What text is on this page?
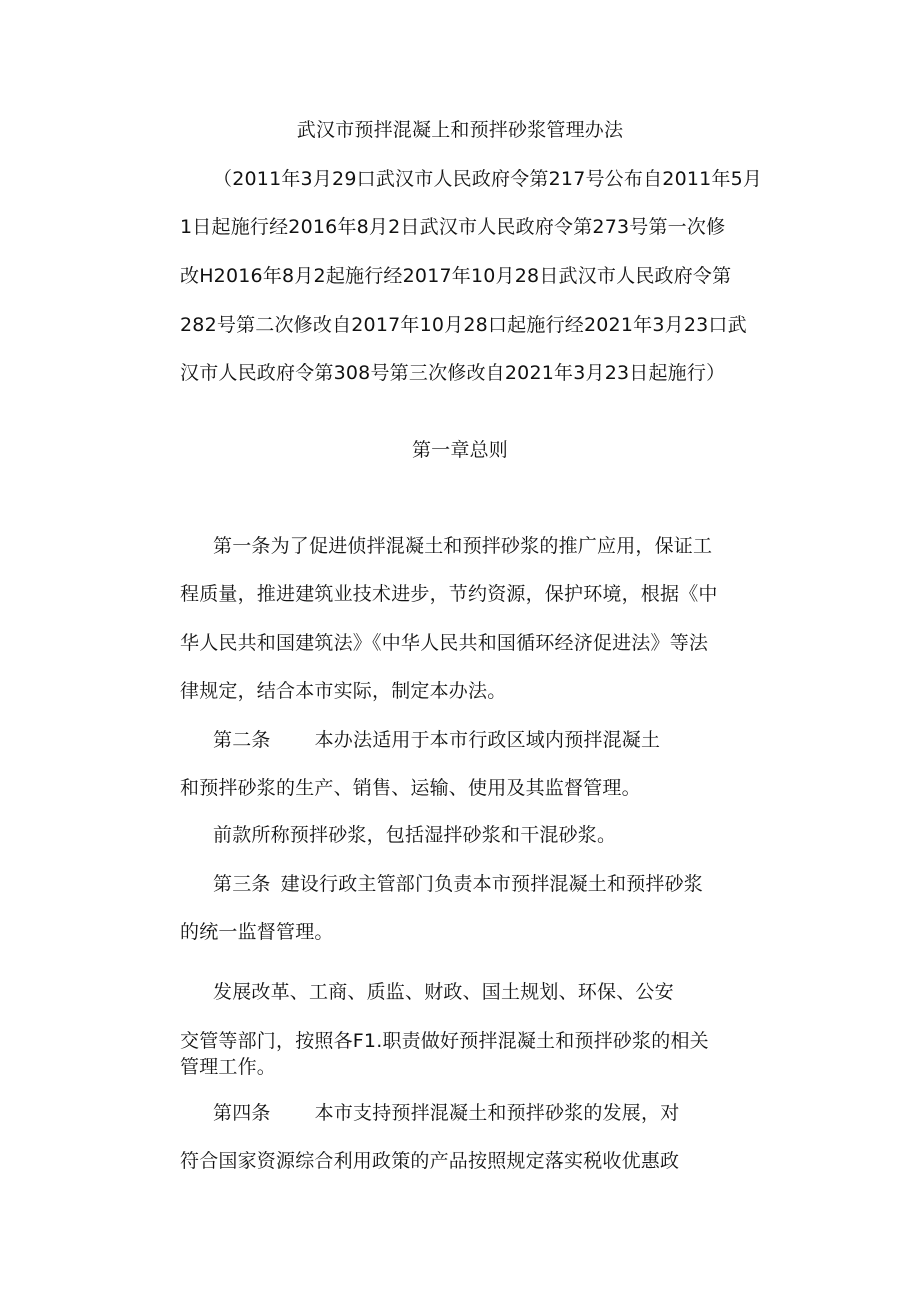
武汉市预拌混凝上和预拌砂浆管理办法
（2011年3月29口武汉市人民政府令第217号公布自2011年5月
1日起施行经2016年8月2日武汉市人民政府令第273号第一次修
改H2016年8月2起施行经2017年10月28日武汉市人民政府令第
282号第二次修改自2017年10月28口起施行经2021年3月23口武
汉市人民政府令第308号第三次修改自2021年3月23日起施行）
第一章总则
第一条为了促进侦拌混凝土和预拌砂浆的推广应用，保证工
程质量，推进建筑业技术进步，节约资源，保护环境，根据《中
华人民共和国建筑法》《中华人民共和国循环经济促进法》等法
律规定，结合本市实际，制定本办法。
第二条 本办法适用于本市行政区域内预拌混凝土
和预拌砂浆的生产、销售、运输、使用及其监督管理。
前款所称预拌砂浆，包括湿拌砂浆和干混砂浆。
第三条 建设行政主管部门负责本市预拌混凝土和预拌砂浆
的统一监督管理。
发展改革、工商、质监、财政、国土规划、环保、公安
交管等部门，按照各F1.职责做好预拌混凝土和预拌砂浆的相关
管理工作。
第四条 本市支持预拌混凝土和预拌砂浆的发展，对
符合国家资源综合利用政策的产品按照规定落实税收优惠政
